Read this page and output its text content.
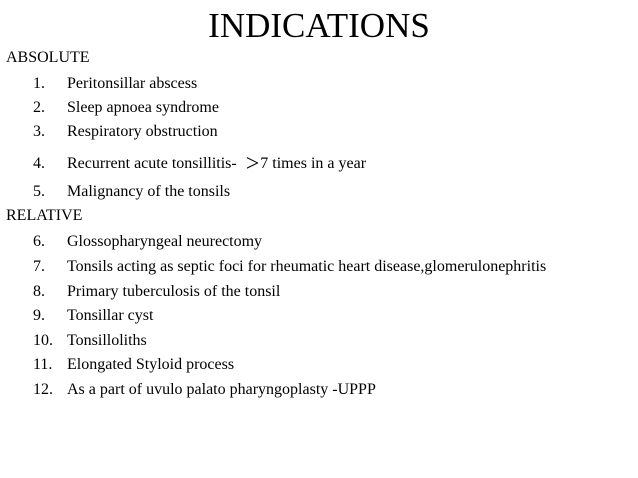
INDICATIONS
ABSOLUTE
1. Peritonsillar abscess
2. Sleep apnoea syndrome
3. Respiratory obstruction
4. Recurrent acute tonsillitis- >7 times in a year
5. Malignancy of the tonsils
RELATIVE
6. Glossopharyngeal neurectomy
7. Tonsils acting as septic foci for rheumatic heart disease,glomerulonephritis
8. Primary tuberculosis of the tonsil
9. Tonsillar cyst
10. Tonsilloliths
11. Elongated Styloid process
12. As a part of uvulo palato pharyngoplasty -UPPP
